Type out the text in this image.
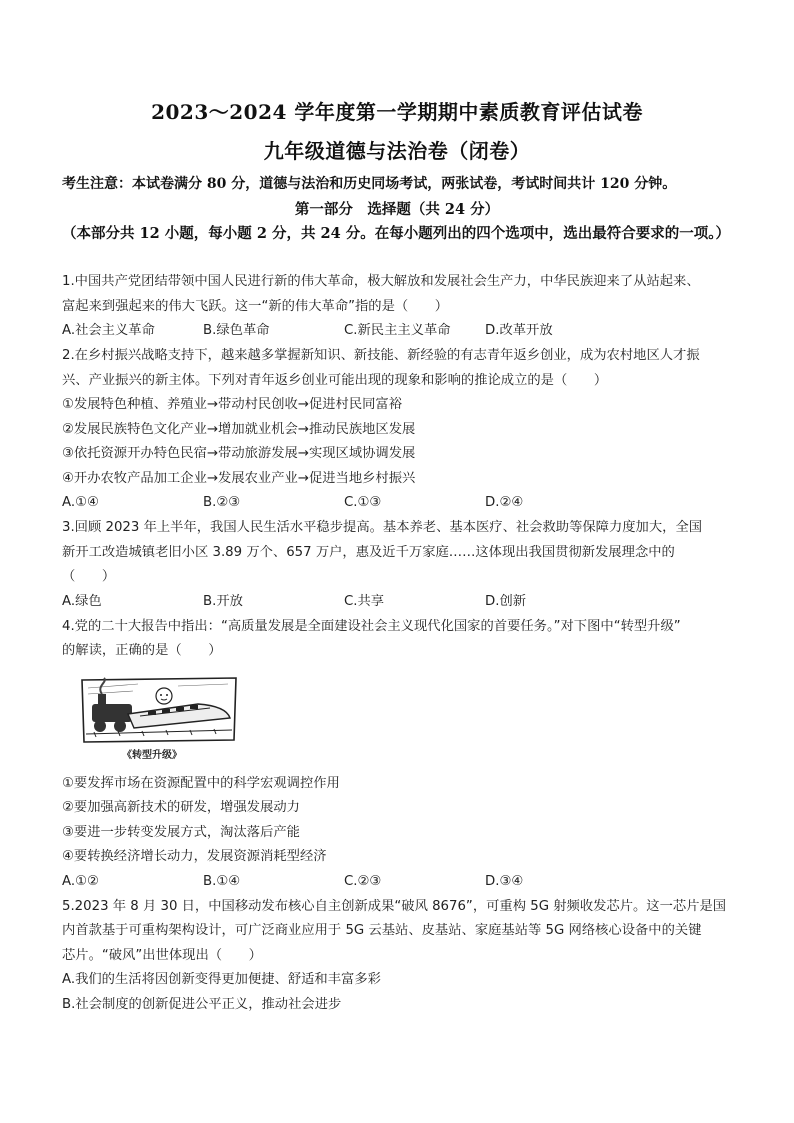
2023～2024 学年度第一学期期中素质教育评估试卷
九年级道德与法治卷（闭卷）
考生注意：本试卷满分 80 分，道德与法治和历史同场考试，两张试卷，考试时间共计 120 分钟。
第一部分　选择题（共 24 分）
（本部分共 12 小题，每小题 2 分，共 24 分。在每小题列出的四个选项中，选出最符合要求的一项。）

1.中国共产党团结带领中国人民进行新的伟大革命，极大解放和发展社会生产力，中华民族迎来了从站起来、

富起来到强起来的伟大飞跃。这一“新的伟大革命”指的是（　　）

A.社会主义革命	B.绿色革命	C.新民主主义革命	D.改革开放

2.在乡村振兴战略支持下，越来越多掌握新知识、新技能、新经验的有志青年返乡创业，成为农村地区人才振

兴、产业振兴的新主体。下列对青年返乡创业可能出现的现象和影响的推论成立的是（　　）

①发展特色种植、养殖业→带动村民创收→促进村民同富裕

②发展民族特色文化产业→增加就业机会→推动民族地区发展

③依托资源开办特色民宿→带动旅游发展→实现区域协调发展

④开办农牧产品加工企业→发展农业产业→促进当地乡村振兴

A.①④	B.②③	C.①③	D.②④

3.回顾 2023 年上半年，我国人民生活水平稳步提高。基本养老、基本医疗、社会救助等保障力度加大，全国

新开工改造城镇老旧小区 3.89 万个、657 万户，惠及近千万家庭……这体现出我国贯彻新发展理念中的

（　　）

A.绿色	B.开放	C.共享	D.创新

4.党的二十大报告中指出：“高质量发展是全面建设社会主义现代化国家的首要任务。”对下图中“转型升级”

的解读，正确的是（　　）

《转型升级》

①要发挥市场在资源配置中的科学宏观调控作用

②要加强高新技术的研发，增强发展动力

③要进一步转变发展方式，淘汰落后产能

④要转换经济增长动力，发展资源消耗型经济

A.①②	B.①④	C.②③	D.③④

5.2023 年 8 月 30 日，中国移动发布核心自主创新成果“破风 8676”，可重构 5G 射频收发芯片。这一芯片是国

内首款基于可重构架构设计，可广泛商业应用于 5G 云基站、皮基站、家庭基站等 5G 网络核心设备中的关键

芯片。“破风”出世体现出（　　）

A.我们的生活将因创新变得更加便捷、舒适和丰富多彩

B.社会制度的创新促进公平正义，推动社会进步
